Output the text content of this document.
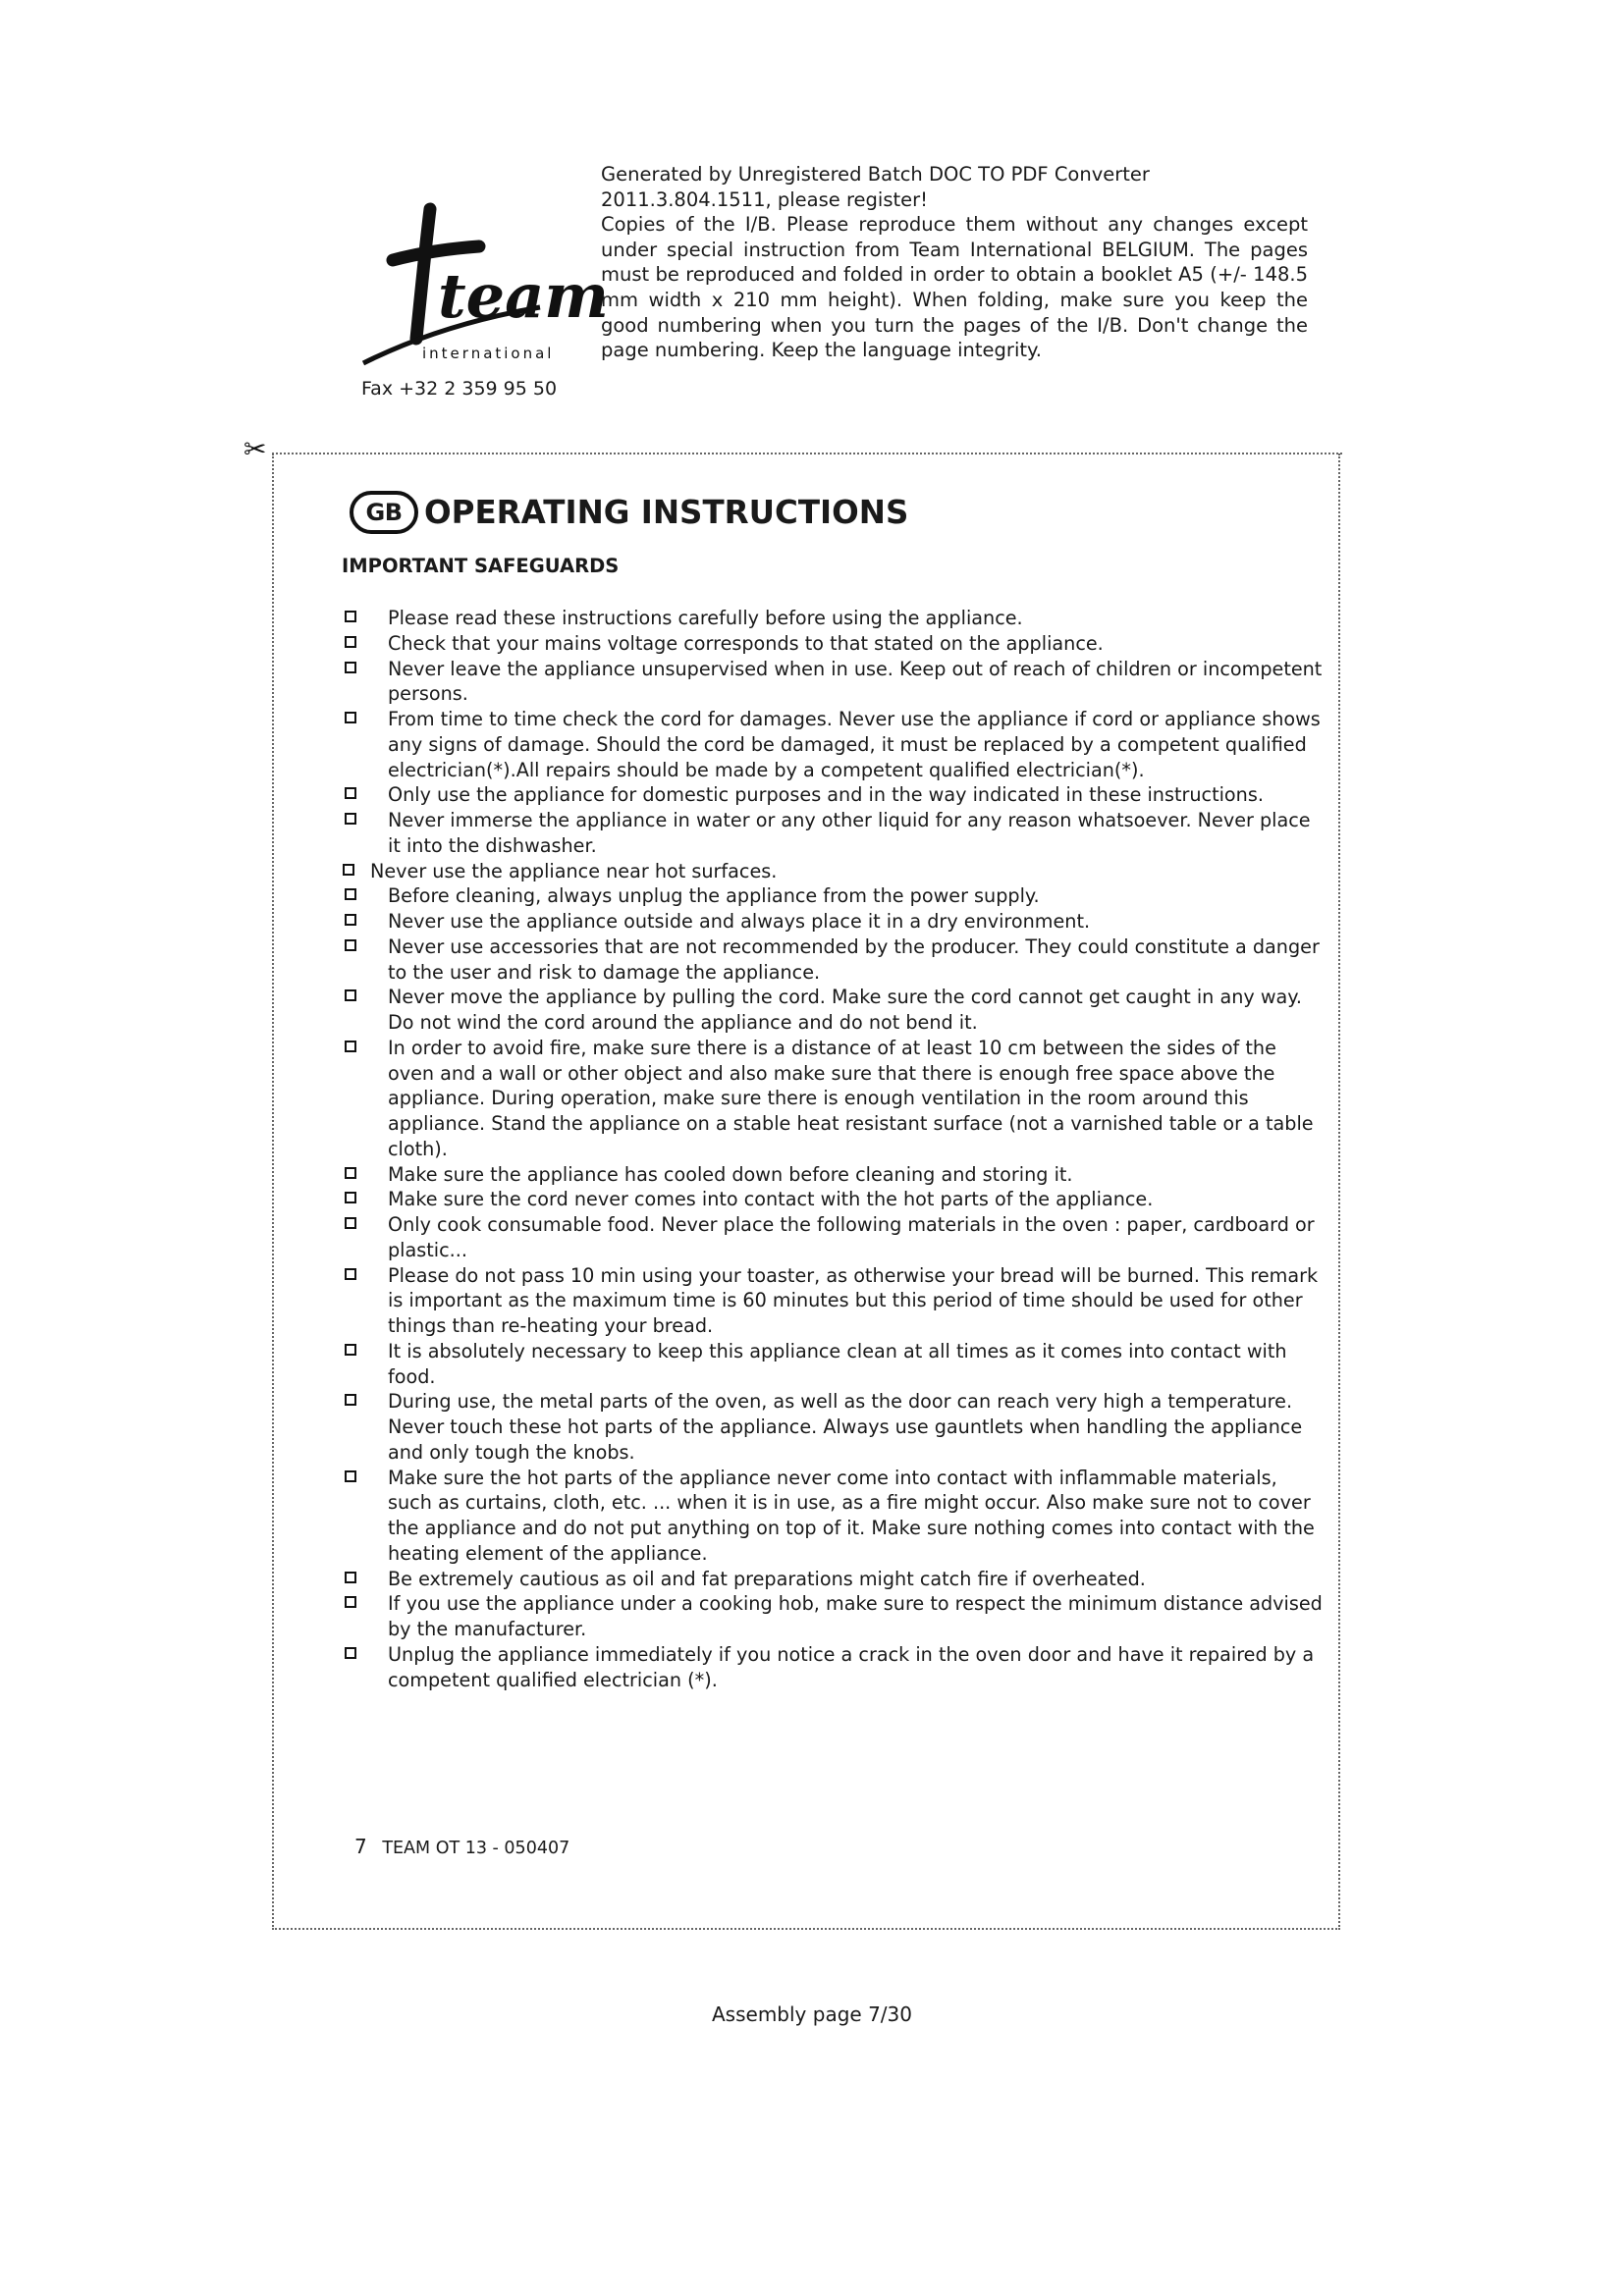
team
international
Fax +32 2 359 95 50

Generated by Unregistered Batch DOC TO PDF Converter

2011.3.804.1511, please register!

Copies of the I/B. Please reproduce them without any changes except under special instruction from Team International BELGIUM. The pages must be reproduced and folded in order to obtain a booklet A5 (+/- 148.5 mm width x 210 mm height). When folding, make sure you keep the good numbering when you turn the pages of the I/B. Don't change the page numbering. Keep the language integrity.

✂
GB OPERATING INSTRUCTIONS
IMPORTANT SAFEGUARDS
Please read these instructions carefully before using the appliance.
Check that your mains voltage corresponds to that stated on the appliance.
Never leave the appliance unsupervised when in use. Keep out of reach of children or incompetent persons.
From time to time check the cord for damages. Never use the appliance if cord or appliance shows any signs of damage. Should the cord be damaged, it must be replaced by a competent qualified electrician(*).All repairs should be made by a competent qualified electrician(*).
Only use the appliance for domestic purposes and in the way indicated in these instructions.
Never immerse the appliance in water or any other liquid for any reason whatsoever. Never place it into the dishwasher.
Never use the appliance near hot surfaces.
Before cleaning, always unplug the appliance from the power supply.
Never use the appliance outside and always place it in a dry environment.
Never use accessories that are not recommended by the producer. They could constitute a danger to the user and risk to damage the appliance.
Never move the appliance by pulling the cord. Make sure the cord cannot get caught in any way. Do not wind the cord around the appliance and do not bend it.
In order to avoid fire, make sure there is a distance of at least 10 cm between the sides of the oven and a wall or other object and also make sure that there is enough free space above the appliance. During operation, make sure there is enough ventilation in the room around this appliance. Stand the appliance on a stable heat resistant surface (not a varnished table or a table cloth).
Make sure the appliance has cooled down before cleaning and storing it.
Make sure the cord never comes into contact with the hot parts of the appliance.
Only cook consumable food. Never place the following materials in the oven : paper, cardboard or plastic...
Please do not pass 10 min using your toaster, as otherwise your bread will be burned. This remark is important as the maximum time is 60 minutes but this period of time should be used for other things than re-heating your bread.
It is absolutely necessary to keep this appliance clean at all times as it comes into contact with food.
During use, the metal parts of the oven, as well as the door can reach very high a temperature. Never touch these hot parts of the appliance. Always use gauntlets when handling the appliance and only tough the knobs.
Make sure the hot parts of the appliance never come into contact with inflammable materials, such as curtains, cloth, etc. ... when it is in use, as a fire might occur. Also make sure not to cover the appliance and do not put anything on top of it. Make sure nothing comes into contact with the heating element of the appliance.
Be extremely cautious as oil and fat preparations might catch fire if overheated.
If you use the appliance under a cooking hob, make sure to respect the minimum distance advised by the manufacturer.
Unplug the appliance immediately if you notice a crack in the oven door and have it repaired by a competent qualified electrician (*).
7 TEAM OT 13 - 050407
Assembly page 7/30
